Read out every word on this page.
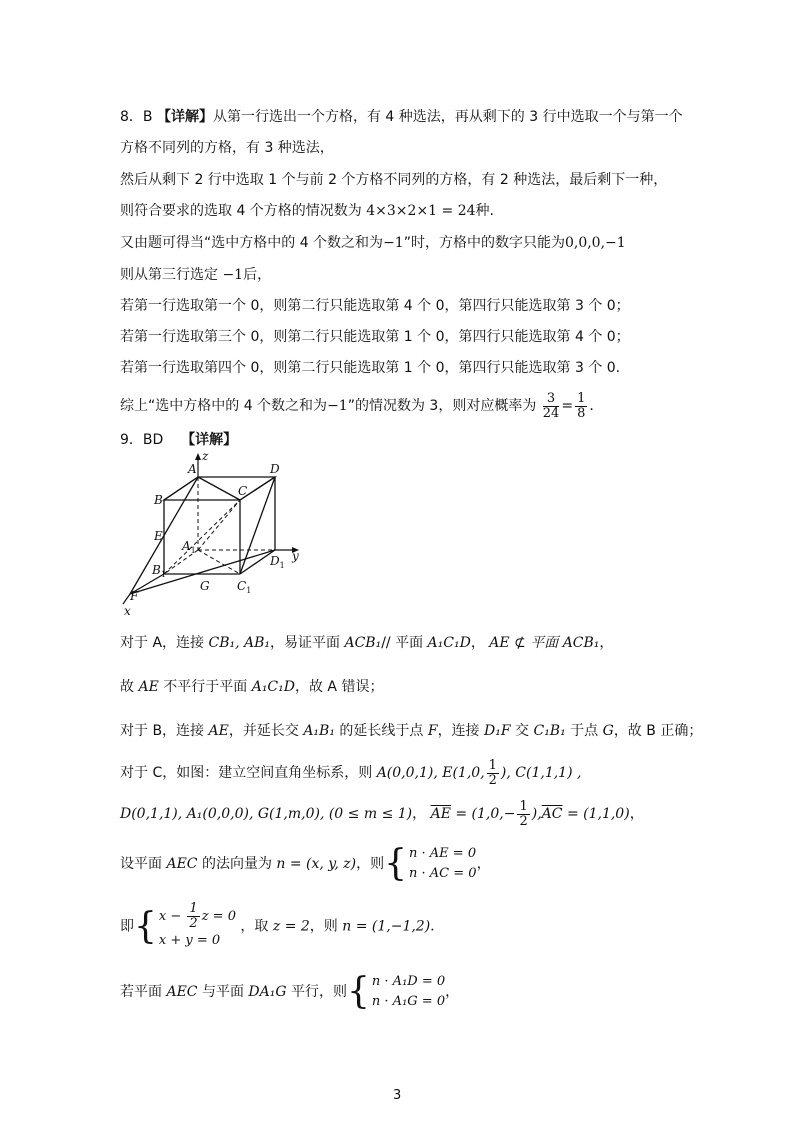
8．B 【详解】从第一行选出一个方格，有 4 种选法，再从剩下的 3 行中选取一个与第一个
方格不同列的方格，有 3 种选法，
然后从剩下 2 行中选取 1 个与前 2 个方格不同列的方格，有 2 种选法，最后剩下一种，
则符合要求的选取 4 个方格的情况数为 4×3×2×1 = 24种.
又由题可得当“选中方格中的 4 个数之和为−1”时，方格中的数字只能为0,0,0,−1
则从第三行选定 −1后，
若第一行选取第一个 0，则第二行只能选取第 4 个 0，第四行只能选取第 3 个 0；
若第一行选取第三个 0，则第二行只能选取第 1 个 0，第四行只能选取第 4 个 0；
若第一行选取第四个 0，则第二行只能选取第 1 个 0，第四行只能选取第 3 个 0.
综上“选中方格中的 4 个数之和为−1”的情况数为 3，则对应概率为 $\frac{3}{24} = \frac{1}{8}$ .
9．BD 【详解】
z
A	D
B
C
E
$A_1$
$B_1$
$C_1$
$D_1$
y
G
F
x
对于 A，连接 CB₁, AB₁，易证平面 ACB₁// 平面 A₁C₁D， AE ⊄ 平面 ACB₁，
故 AE 不平行于平面 A₁C₁D，故 A 错误；
对于 B，连接 AE，并延长交 A₁B₁ 的延长线于点 F，连接 D₁F 交 C₁B₁ 于点 G，故 B 正确；
对于 C，如图：建立空间直角坐标系，则 A(0,0,1), E(1,0, $\frac{1}{2}$ ), C(1,1,1) ,
D(0,1,1), A₁(0,0,0), G(1,m,0), (0 ≤ m ≤ 1)， $\overline{AE} = (1,0,- \frac{1}{2} ),\overline{AC} = (1,1,0)$，
设平面 AEC 的法向量为 n = (x, y, z)，则{ n · AE = 0
n · AC = 0
，
即{ $x - \frac{1}{2}$ z = 0
x + y = 0
，取 z = 2，则 n = (1,−1,2).
若平面 AEC 与平面 DA₁G 平行，则{ n · A₁D = 0
n · A₁G = 0
，
3
